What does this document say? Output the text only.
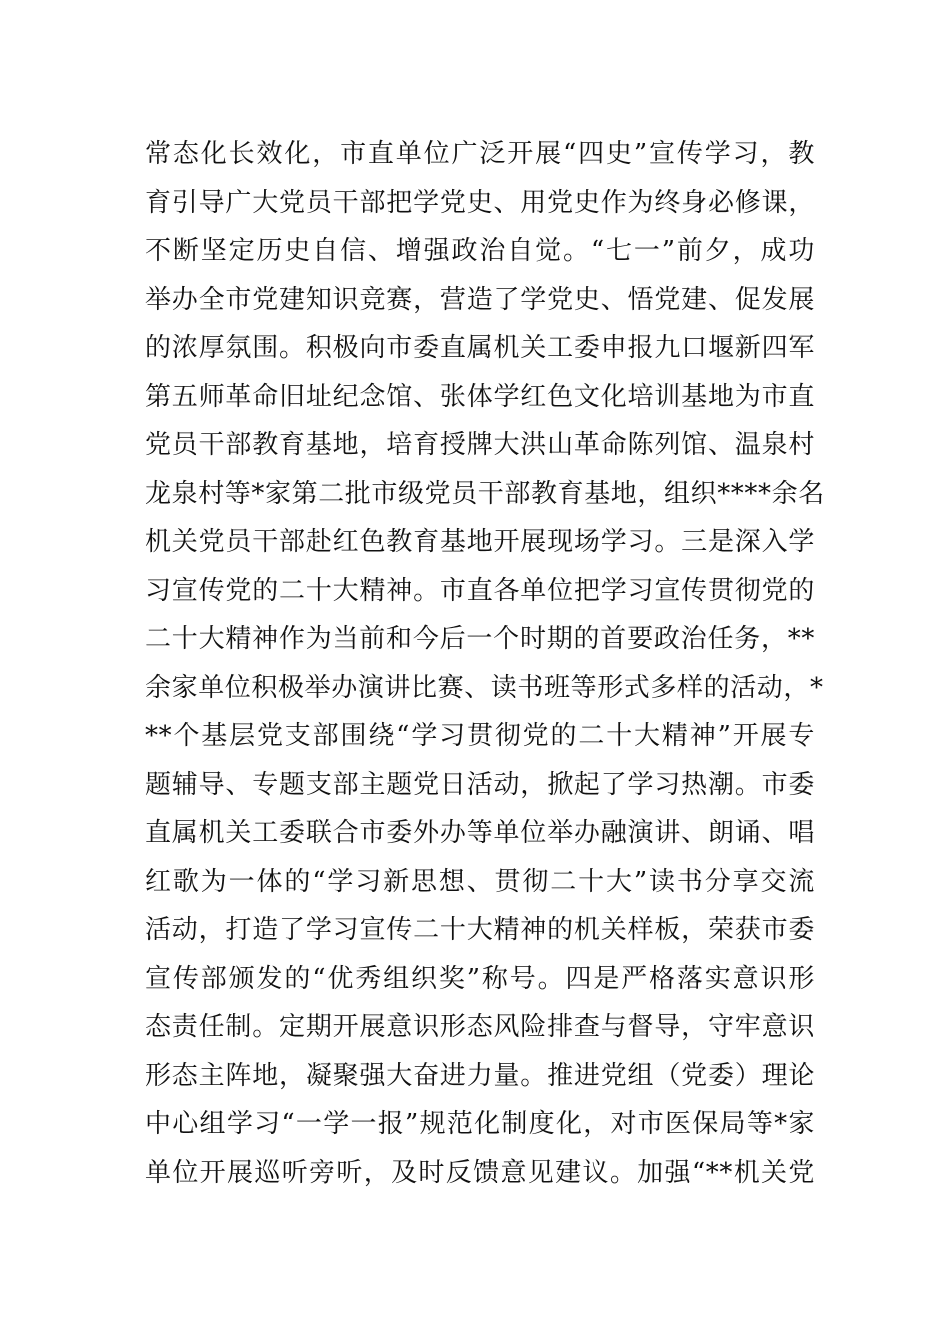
常态化长效化，市直单位广泛开展“四史”宣传学习，教
育引导广大党员干部把学党史、用党史作为终身必修课，
不断坚定历史自信、增强政治自觉。“七一”前夕，成功
举办全市党建知识竞赛，营造了学党史、悟党建、促发展
的浓厚氛围。积极向市委直属机关工委申报九口堰新四军
第五师革命旧址纪念馆、张体学红色文化培训基地为市直
党员干部教育基地，培育授牌大洪山革命陈列馆、温泉村
龙泉村等*家第二批市级党员干部教育基地，组织****余名
机关党员干部赴红色教育基地开展现场学习。三是深入学
习宣传党的二十大精神。市直各单位把学习宣传贯彻党的
二十大精神作为当前和今后一个时期的首要政治任务，**
余家单位积极举办演讲比赛、读书班等形式多样的活动，*
**个基层党支部围绕“学习贯彻党的二十大精神”开展专
题辅导、专题支部主题党日活动，掀起了学习热潮。市委
直属机关工委联合市委外办等单位举办融演讲、朗诵、唱
红歌为一体的“学习新思想、贯彻二十大”读书分享交流
活动，打造了学习宣传二十大精神的机关样板，荣获市委
宣传部颁发的“优秀组织奖”称号。四是严格落实意识形
态责任制。定期开展意识形态风险排查与督导，守牢意识
形态主阵地，凝聚强大奋进力量。推进党组（党委）理论
中心组学习“一学一报”规范化制度化，对市医保局等*家
单位开展巡听旁听，及时反馈意见建议。加强“**机关党
